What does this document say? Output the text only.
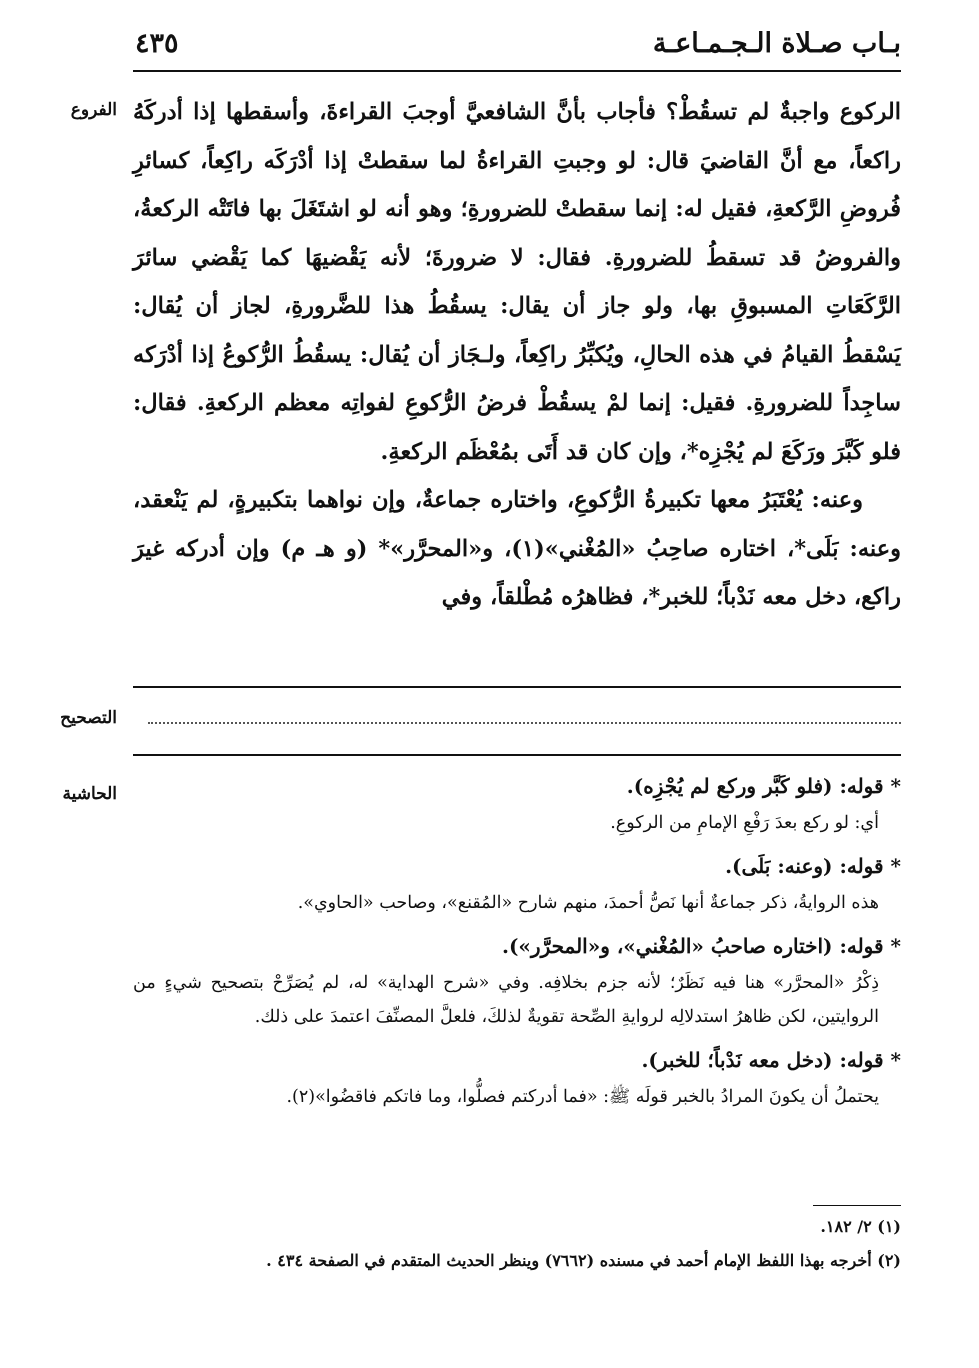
بـاب صـلاة الـجـمـاعـة
٤٣٥
الفروع
التصحيح
الحاشية

الركوع واجبةٌ لم تسقُطْ؟ فأجاب بأنَّ الشافعيَّ أوجبَ القراءةَ، وأسقطها إذا أدركَهُ راكعاً، مع أنَّ القاضيَ قال: لو وجبتِ القراءةُ لما سقطتْ إذا أدْرَكَه راكِعاً، كسائرِ فُروضِ الرَّكعةِ، فقيل له: إنما سقطتْ للضرورةِ؛ وهو أنه لو اشتَغَلَ بها فاتَتْه الركعةُ، والفروضُ قد تسقطُ للضرورةِ. فقال: لا ضرورةَ؛ لأنه يَقْضيهَا كما يَقْضي سائرَ الرَّكَعَاتِ المسبوقِ بها، ولو جاز أن يقال: يسقُطُ هذا للضَّرورةِ، لجاز أن يُقال: يَسْقطُ القيامُ في هذه الحالِ، ويُكبِّرُ راكِعاً، ولـجَاز أن يُقال: يسقُطُ الرُّكوعُ إذا أدْرَكه ساجِداً للضرورةِ. فقيل: إنما لمْ يسقُطْ فرضُ الرُّكوعِ لفواتِه معظم الركعةِ. فقال: فلو كَبَّرَ ورَكَعَ لم يُجْزِه*، وإن كان قد أَتَى بمُعْظَم الركعةِ.

وعنه: يُعْتَبَرُ معها تكبيرةُ الرُّكوعِ، واختاره جماعةٌ، وإن نواهما بتكبيرةٍ، لم يَنْعقد، وعنه: بَلَى*، اختاره صاحِبُ «المُغْني»(١)، و«المحرَّر»* (و هـ م) وإن أدركه غيرَ راكع، دخل معه نَدْباً؛ للخبر*، فظاهرُه مُطْلقاً، وفي

* قوله: (فلو كَبَّر وركع لم يُجْزِه).

أي: لو ركع بعدَ رَفْعِ الإمامِ من الركوعِ.

* قوله: (وعنه: بَلَى).

هذه الروايةُ، ذكر جماعةٌ أنها نَصُّ أحمدَ، منهم شارح «المُقنع»، وصاحب «الحاوي».

* قوله: (اختاره صاحبُ «المُغْني»، و«المحرَّر»).

ذِكْرُ «المحرَّر» هنا فيه نَظَرٌ؛ لأنه جزم بخلافِه. وفي «شرح الهداية» له، لم يُصَرِّحْ بتصحيح شيءٍ من الروايتين، لكن ظاهرُ استدلالِه لروايةِ الصِّحة تقويةٌ لذلكَ، فلعلَّ المصنِّفَ اعتمدَ على ذلك.

* قوله: (دخل معه نَدْباً؛ للخبر).

يحتملُ أن يكونَ المرادُ بالخبر قولَه ﷺ: «فما أدركتم فصلُّوا، وما فاتكم فاقضُوا»(٢).

(١) ٢/ ١٨٢.

(٢) أخرجه بهذا اللفظ الإمام أحمد في مسنده (٧٦٦٢) وينظر الحديث المتقدم في الصفحة ٤٣٤ .
